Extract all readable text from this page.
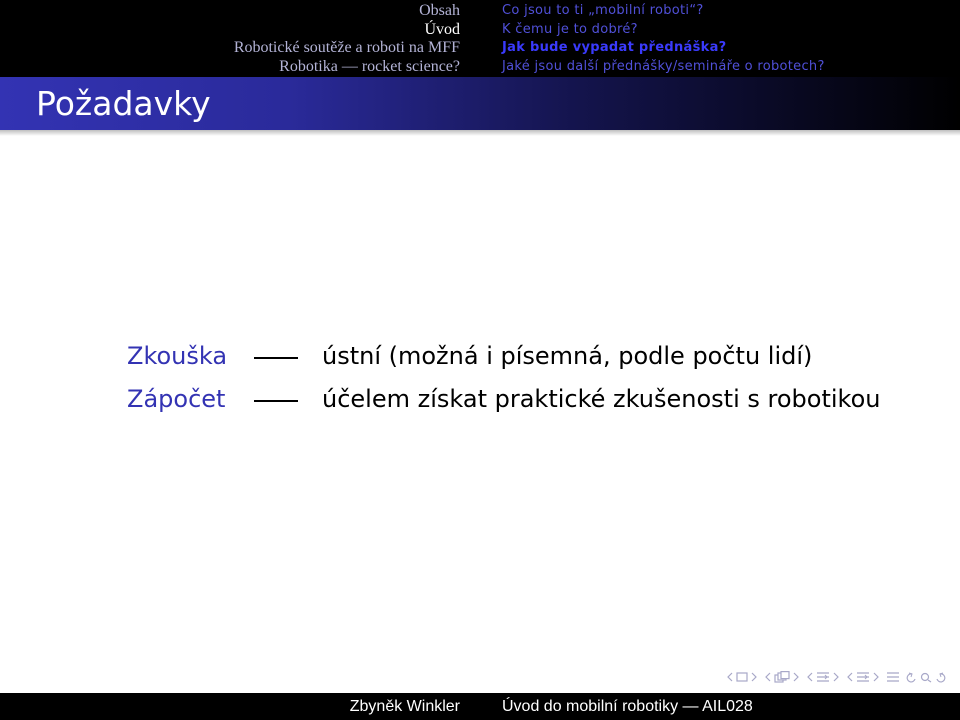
Obsah
Úvod
Robotické soutěže a roboti na MFF
Robotika — rocket science?
Co jsou to ti „mobilní roboti“?
K čemu je to dobré?
Jak bude vypadat přednáška?
Jaké jsou další přednášky/semináře o robotech?
Požadavky
Zkouška	ústní (možná i písemná, podle počtu lidí)
Zápočet	účelem získat praktické zkušenosti s robotikou
Zbyněk Winkler	Úvod do mobilní robotiky — AIL028
